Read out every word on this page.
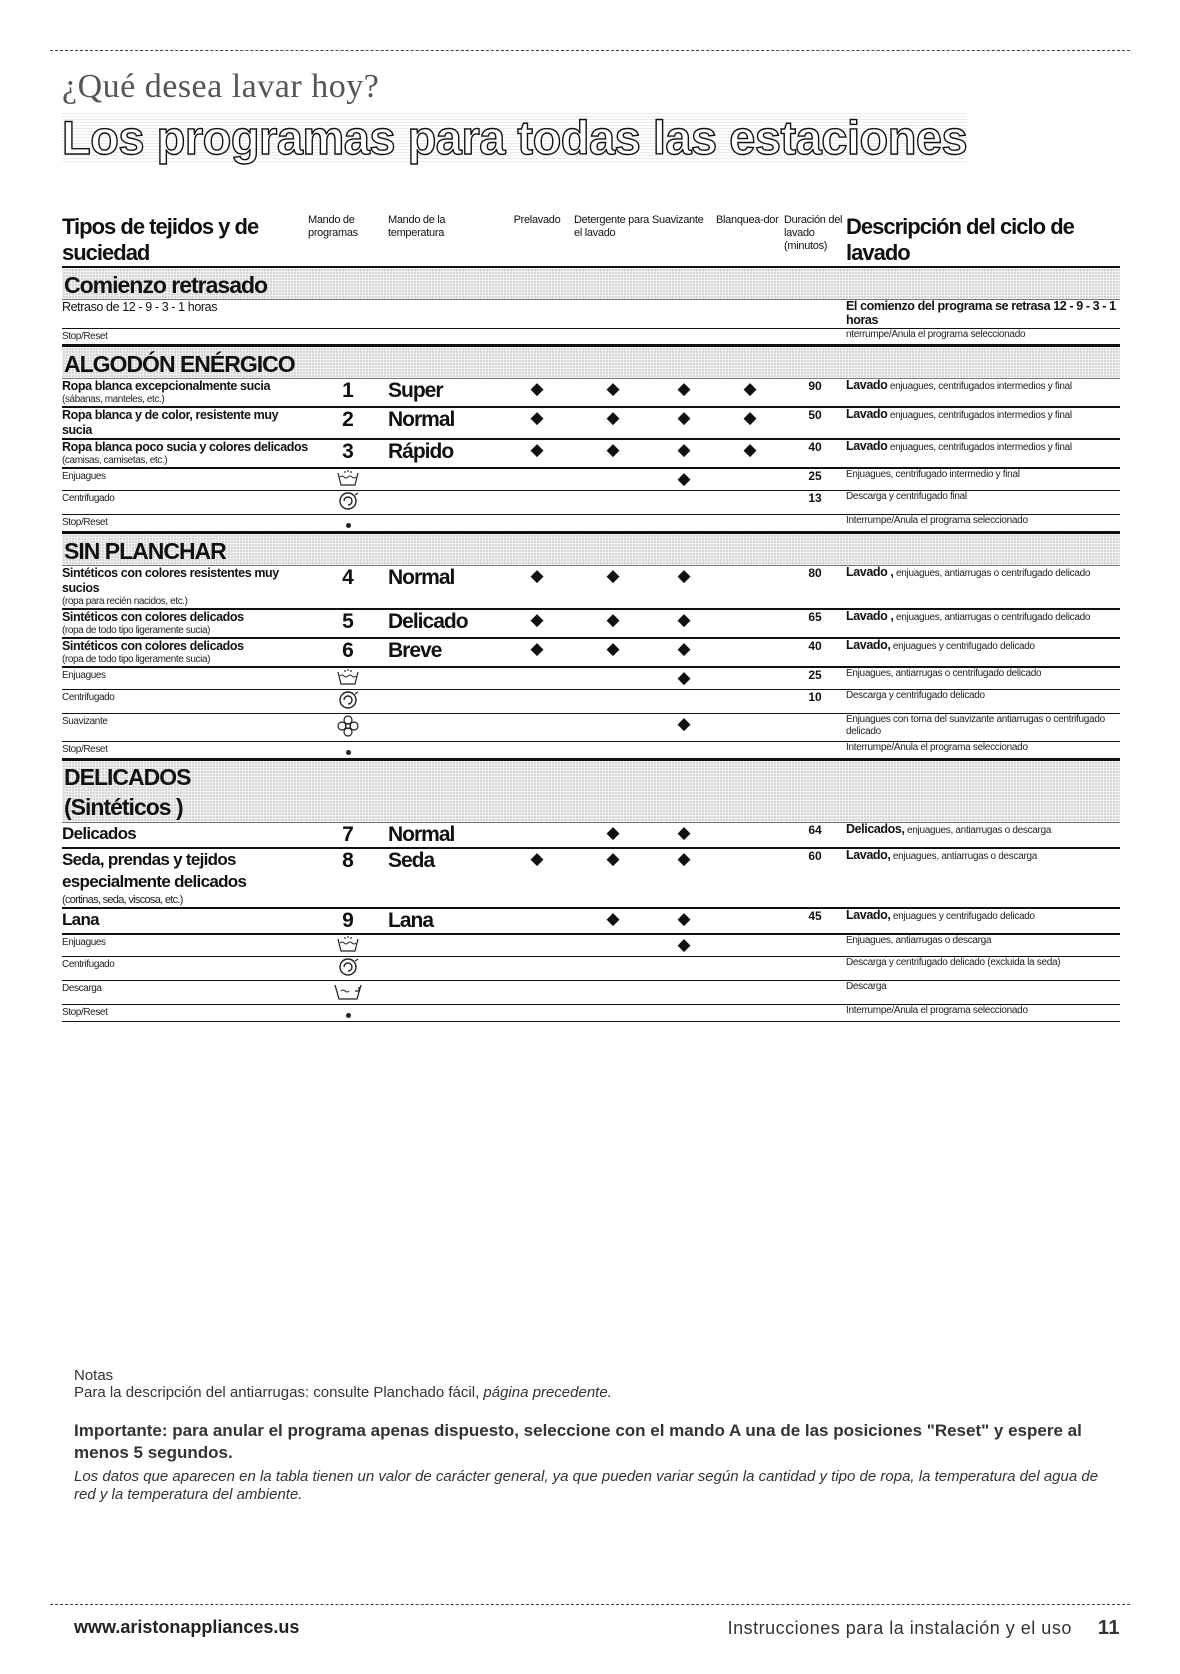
¿Qué desea lavar hoy?
Los programas para todas las estaciones
Tipos de tejidos y de suciedad	Mando de programas	Mando de la temperatura	Prelavado	Detergente para el lavado	Suavizante	Blanquea-dor	Duración del lavado (minutos)	Descripción del ciclo de lavado

Comienzo retrasado								

Retraso de 12 - 9 - 3 - 1 horas								El comienzo del programa se retrasa 12 - 9 - 3 - 1 horas
Stop/Reset								nterrumpe/Anula el programa seleccionado

ALGODÓN ENÉRGICO								

Ropa blanca excepcionalmente sucia
(sábanas, manteles, etc.)	1	Super	◆	◆	◆	◆	90	Lavado enjuagues, centrifugados intermedios y final
Ropa blanca y de color, resistente muy sucia	2	Normal	◆	◆	◆	◆	50	Lavado enjuagues, centrifugados intermedios y final
Ropa blanca poco sucia y colores delicados
(camisas, camisetas, etc.)	3	Rápido	◆	◆	◆	◆	40	Lavado enjuagues, centrifugados intermedios y final
Enjuagues					◆		25	Enjuagues, centrifugado intermedio y final
Centrifugado							13	Descarga y centrifugado final
Stop/Reset								Interrumpe/Anula el programa seleccionado

SIN PLANCHAR								

Sintéticos con colores resistentes muy sucios
(ropa para recién nacidos, etc.)	4	Normal	◆	◆	◆		80	Lavado , enjuagues, antiarrugas o centrifugado delicado
Sintéticos con colores delicados
(ropa de todo tipo ligeramente sucia)	5	Delicado	◆	◆	◆		65	Lavado , enjuagues, antiarrugas o centrifugado delicado
Sintéticos con colores delicados
(ropa de todo tipo ligeramente sucia)	6	Breve	◆	◆	◆		40	Lavado, enjuagues y centrifugado delicado
Enjuagues					◆		25	Enjuagues, antiarrugas o centrifugado delicado
Centrifugado							10	Descarga y centrifugado delicado
Suavizante					◆			Enjuagues con toma del suavizante antiarrugas o centrifugado delicado
Stop/Reset								Interrumpe/Anula el programa seleccionado

DELICADOS
(Sintéticos )								

Delicados	7	Normal		◆	◆		64	Delicados, enjuagues, antiarrugas o descarga
Seda, prendas y tejidos especialmente delicados
(cortinas, seda, viscosa, etc.)	8	Seda	◆	◆	◆		60	Lavado, enjuagues, antiarrugas o descarga
Lana	9	Lana		◆	◆		45	Lavado, enjuagues y centrifugado delicado
Enjuagues					◆			Enjuagues, antiarrugas o descarga
Centrifugado								Descarga y centrifugado delicado (excluida la seda)
Descarga								Descarga
Stop/Reset								Interrumpe/Anula el programa seleccionado
Notas
Para la descripción del antiarrugas: consulte Planchado fácil, página precedente.
Importante: para anular el programa apenas dispuesto, seleccione con el mando A una de las posiciones "Reset" y espere al menos 5 segundos.
Los datos que aparecen en la tabla tienen un valor de carácter general, ya que pueden variar según la cantidad y tipo de ropa, la temperatura del agua de red y la temperatura del ambiente.
www.aristonappliances.us	Instrucciones para la instalación y el uso 11
